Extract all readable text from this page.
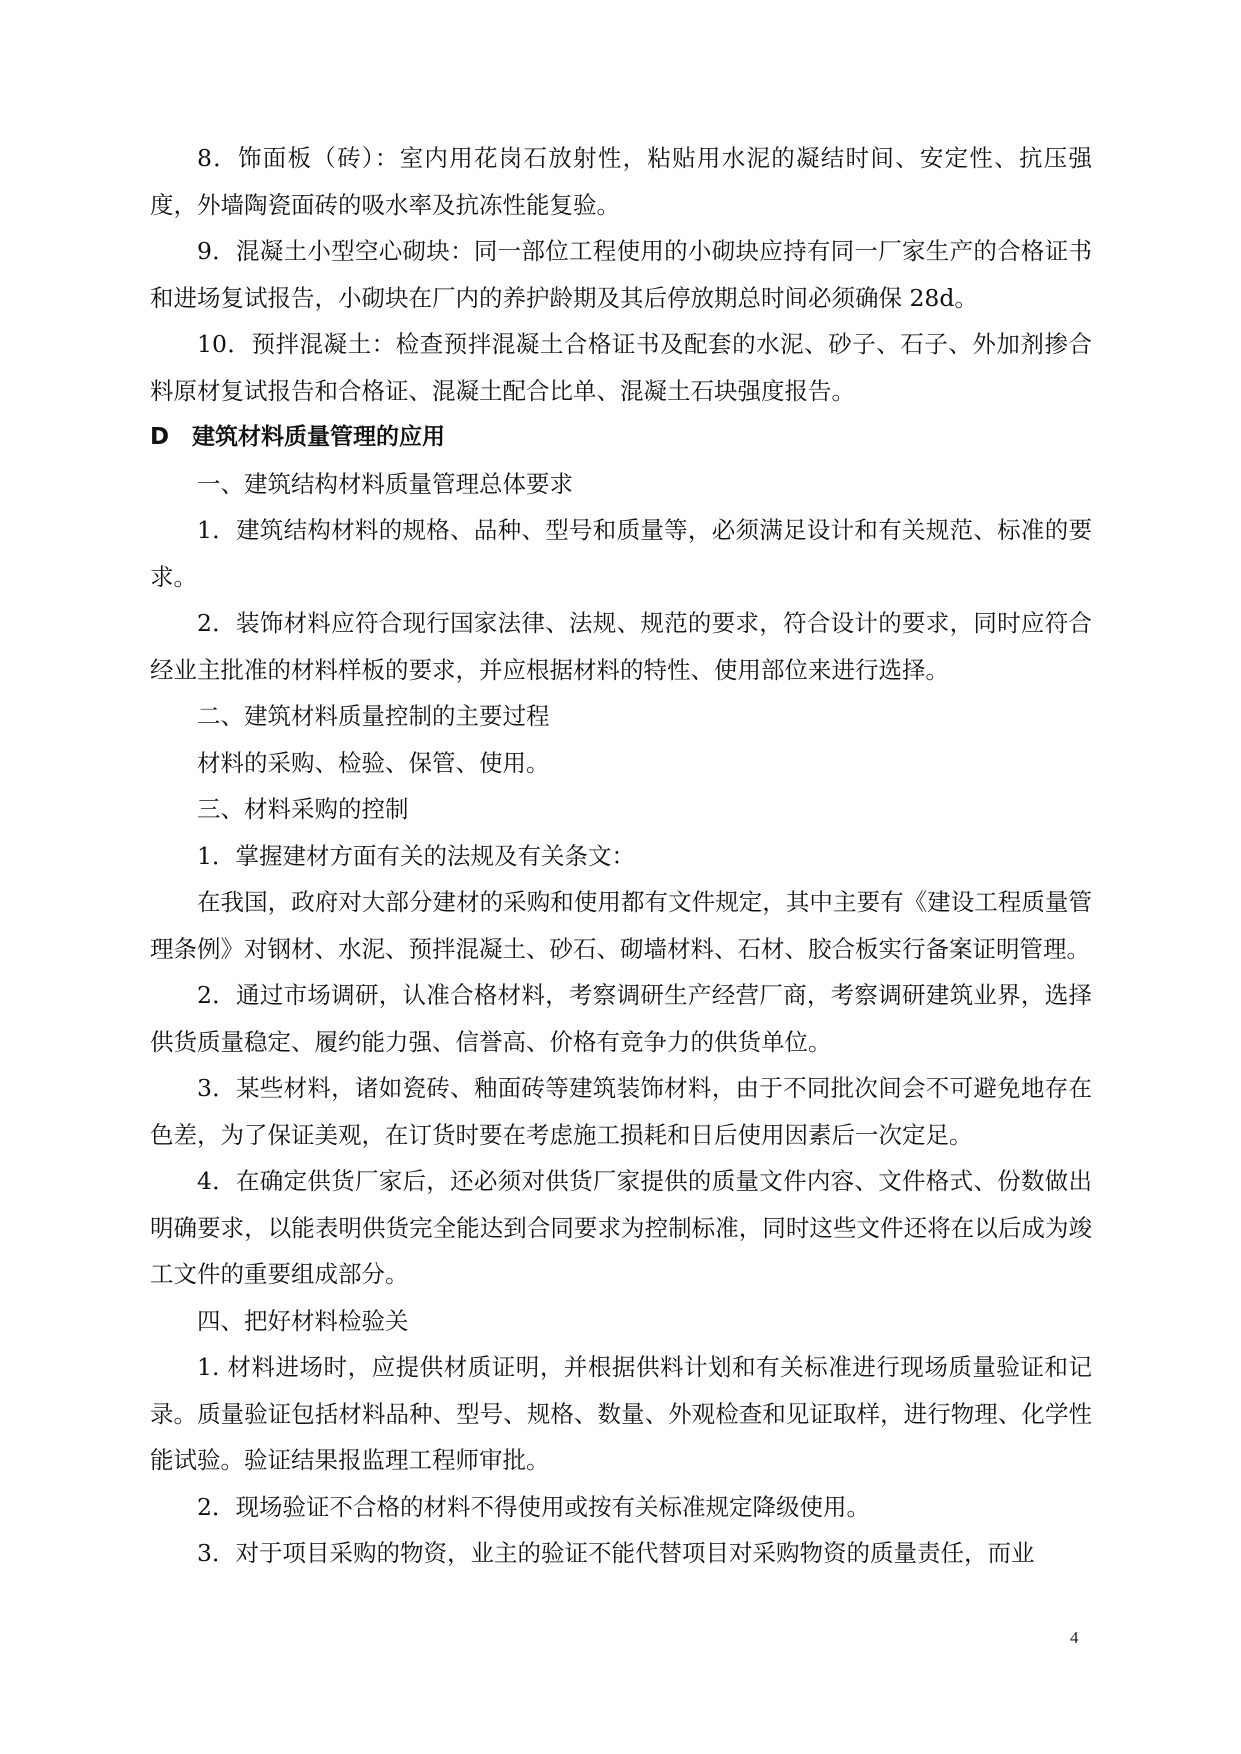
8．饰面板（砖）：室内用花岗石放射性，粘贴用水泥的凝结时间、安定性、抗压强度，外墙陶瓷面砖的吸水率及抗冻性能复验。

9．混凝土小型空心砌块：同一部位工程使用的小砌块应持有同一厂家生产的合格证书和进场复试报告，小砌块在厂内的养护龄期及其后停放期总时间必须确保 28d。

10．预拌混凝土：检查预拌混凝土合格证书及配套的水泥、砂子、石子、外加剂掺合料原材复试报告和合格证、混凝土配合比单、混凝土石块强度报告。

D 建筑材料质量管理的应用

一、建筑结构材料质量管理总体要求

1．建筑结构材料的规格、品种、型号和质量等，必须满足设计和有关规范、标准的要求。

2．装饰材料应符合现行国家法律、法规、规范的要求，符合设计的要求，同时应符合经业主批准的材料样板的要求，并应根据材料的特性、使用部位来进行选择。

二、建筑材料质量控制的主要过程

材料的采购、检验、保管、使用。

三、材料采购的控制

1．掌握建材方面有关的法规及有关条文：

在我国，政府对大部分建材的采购和使用都有文件规定，其中主要有《建设工程质量管理条例》对钢材、水泥、预拌混凝土、砂石、砌墙材料、石材、胶合板实行备案证明管理。

2．通过市场调研，认准合格材料，考察调研生产经营厂商，考察调研建筑业界，选择供货质量稳定、履约能力强、信誉高、价格有竞争力的供货单位。

3．某些材料，诸如瓷砖、釉面砖等建筑装饰材料，由于不同批次间会不可避免地存在色差，为了保证美观，在订货时要在考虑施工损耗和日后使用因素后一次定足。

4．在确定供货厂家后，还必须对供货厂家提供的质量文件内容、文件格式、份数做出明确要求，以能表明供货完全能达到合同要求为控制标准，同时这些文件还将在以后成为竣工文件的重要组成部分。

四、把好材料检验关

1. 材料进场时，应提供材质证明，并根据供料计划和有关标准进行现场质量验证和记录。质量验证包括材料品种、型号、规格、数量、外观检查和见证取样，进行物理、化学性能试验。验证结果报监理工程师审批。

2．现场验证不合格的材料不得使用或按有关标准规定降级使用。

3．对于项目采购的物资，业主的验证不能代替项目对采购物资的质量责任，而业

4
